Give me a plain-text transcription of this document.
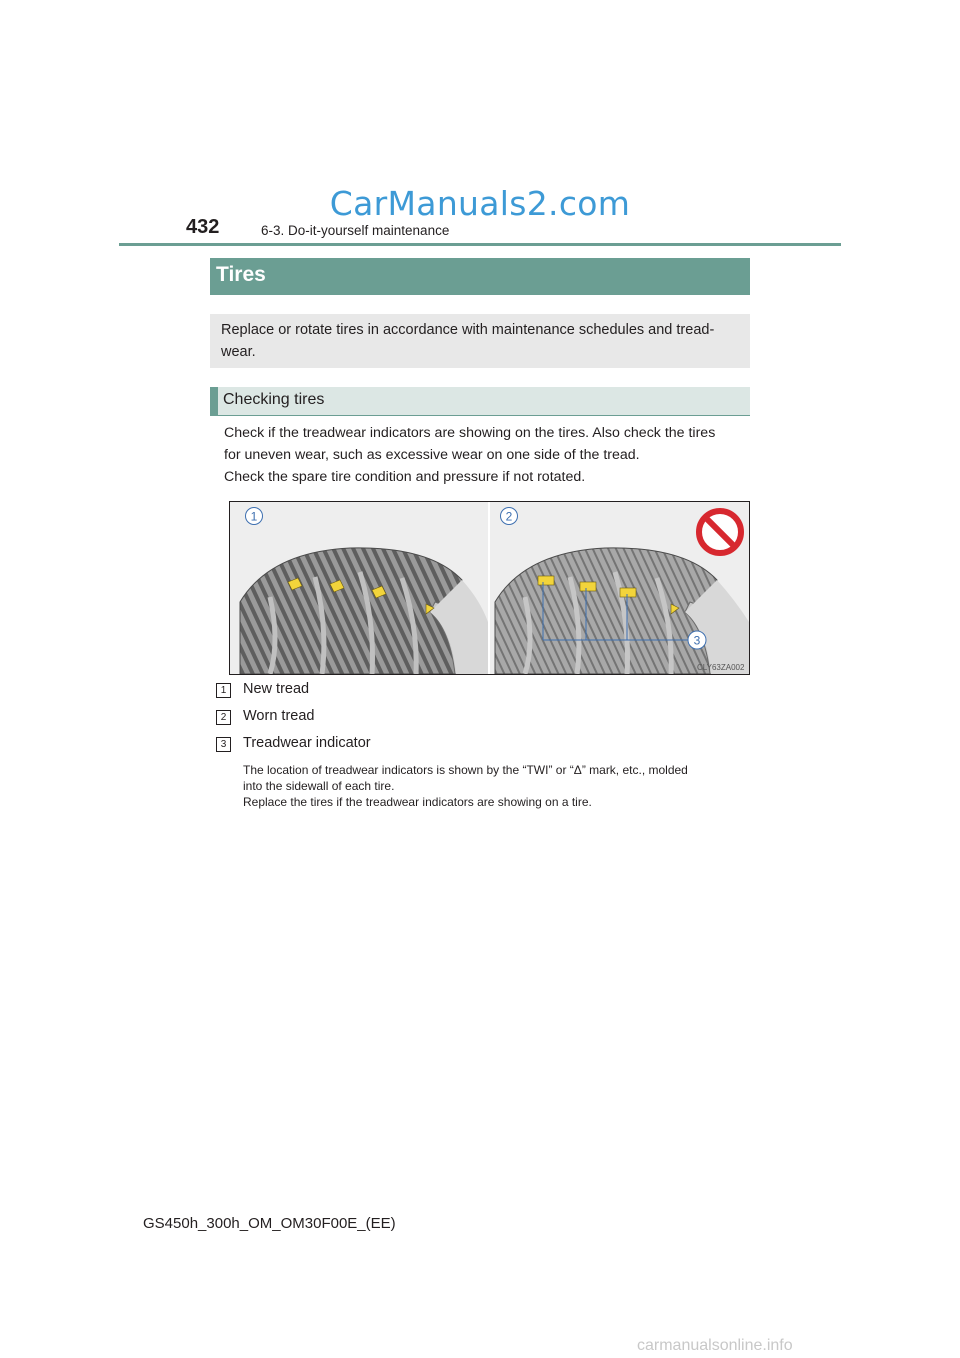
CarManuals2.com
432	6-3. Do-it-yourself maintenance
Tires

Replace or rotate tires in accordance with maintenance schedules and tread-wear.

Checking tires

Check if the treadwear indicators are showing on the tires. Also check the tires
for uneven wear, such as excessive wear on one side of the tread.
Check the spare tire condition and pressure if not rotated.

1	2
3
CLY63ZA002
1	New tread
2	Worn tread
3	Treadwear indicator

The location of treadwear indicators is shown by the “TWI” or “Δ” mark, etc., molded
into the sidewall of each tire.
Replace the tires if the treadwear indicators are showing on a tire.

GS450h_300h_OM_OM30F00E_(EE)
carmanualsonline.info
